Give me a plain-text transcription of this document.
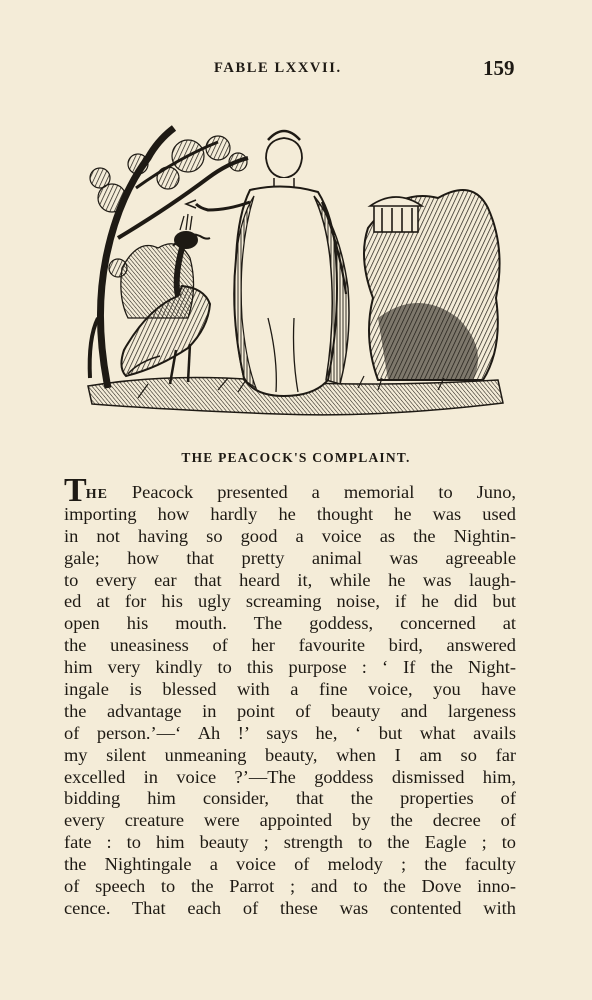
FABLE LXXVII.	159
THE PEACOCK'S COMPLAINT.
THE Peacock presented a memorial to Juno,
importing how hardly he thought he was used
in not having so good a voice as the Nightin-
gale; how that pretty animal was agreeable
to every ear that heard it, while he was laugh-
ed at for his ugly screaming noise, if he did but
open his mouth. The goddess, concerned at
the uneasiness of her favourite bird, answered
him very kindly to this purpose : ‘ If the Night-
ingale is blessed with a fine voice, you have
the advantage in point of beauty and largeness
of person.’—‘ Ah !’ says he, ‘ but what avails
my silent unmeaning beauty, when I am so far
excelled in voice ?’—The goddess dismissed him,
bidding him consider, that the properties of
every creature were appointed by the decree of
fate : to him beauty ; strength to the Eagle ; to
the Nightingale a voice of melody ; the faculty
of speech to the Parrot ; and to the Dove inno-
cence. That each of these was contented with
